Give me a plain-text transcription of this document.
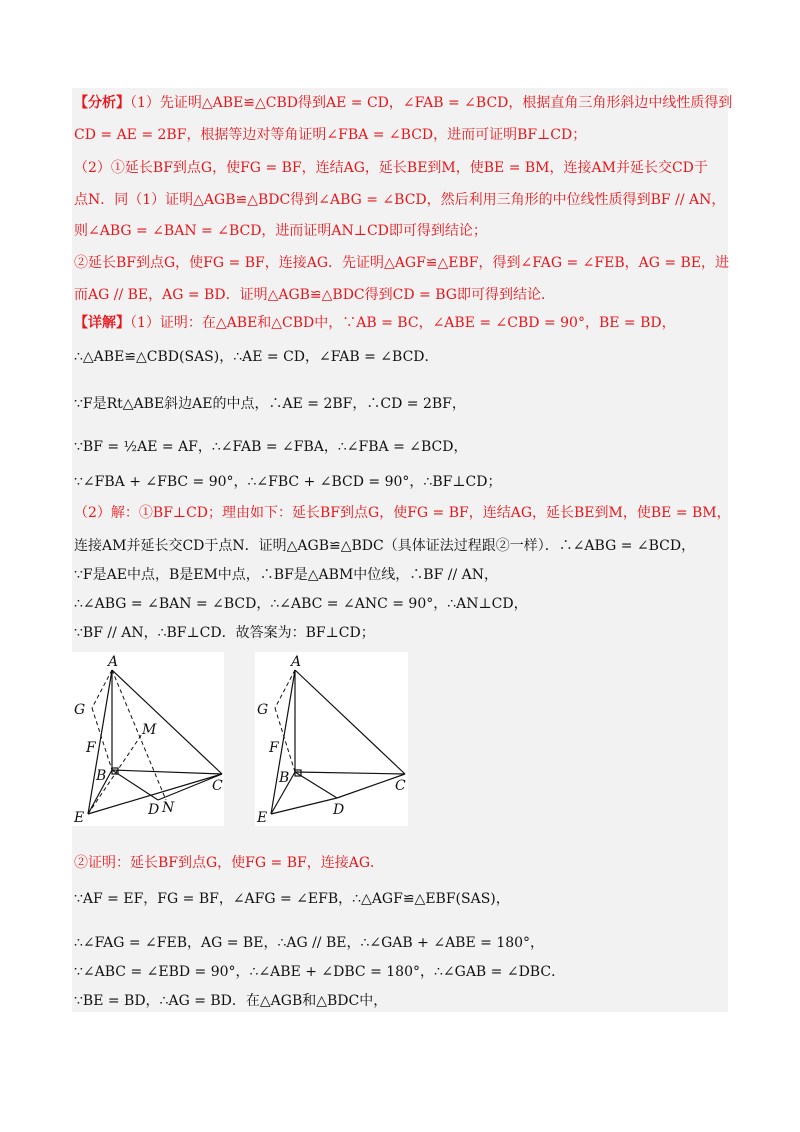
【分析】（1）先证明△ABE≌△CBD得到AE = CD，∠FAB = ∠BCD，根据直角三角形斜边中线性质得到
CD = AE = 2BF，根据等边对等角证明∠FBA = ∠BCD，进而可证明BF⊥CD；
（2）①延长BF到点G，使FG = BF，连结AG，延长BE到M，使BE = BM，连接AM并延长交CD于
点N．同（1）证明△AGB≌△BDC得到∠ABG = ∠BCD，然后利用三角形的中位线性质得到BF // AN，
则∠ABG = ∠BAN = ∠BCD，进而证明AN⊥CD即可得到结论；
②延长BF到点G，使FG = BF，连接AG．先证明△AGF≌△EBF，得到∠FAG = ∠FEB，AG = BE，进
而AG // BE，AG = BD．证明△AGB≌△BDC得到CD = BG即可得到结论．
【详解】（1）证明：在△ABE和△CBD中，∵AB = BC，∠ABE = ∠CBD = 90°，BE = BD，
∴△ABE≌△CBD(SAS)，∴AE = CD，∠FAB = ∠BCD．
∵F是Rt△ABE斜边AE的中点，∴AE = 2BF，∴CD = 2BF，
∵BF = ½AE = AF，∴∠FAB = ∠FBA，∴∠FBA = ∠BCD，
∵∠FBA + ∠FBC = 90°，∴∠FBC + ∠BCD = 90°，∴BF⊥CD；
（2）解：①BF⊥CD；理由如下：延长BF到点G，使FG = BF，连结AG，延长BE到M，使BE = BM，
连接AM并延长交CD于点N．证明△AGB≌△BDC（具体证法过程跟②一样）．∴∠ABG = ∠BCD，
∵F是AE中点，B是EM中点，∴BF是△ABM中位线，∴BF // AN，
∴∠ABG = ∠BAN = ∠BCD，∴∠ABC = ∠ANC = 90°，∴AN⊥CD，
∵BF // AN，∴BF⊥CD．故答案为：BF⊥CD；
A
G
M
F
B
C
E	D N
A
G
F
B	C
E	D
②证明：延长BF到点G，使FG = BF，连接AG．
∵AF = EF，FG = BF，∠AFG = ∠EFB，∴△AGF≌△EBF(SAS)，
∴∠FAG = ∠FEB，AG = BE，∴AG // BE，∴∠GAB + ∠ABE = 180°，
∵∠ABC = ∠EBD = 90°，∴∠ABE + ∠DBC = 180°，∴∠GAB = ∠DBC．
∵BE = BD，∴AG = BD．在△AGB和△BDC中，
